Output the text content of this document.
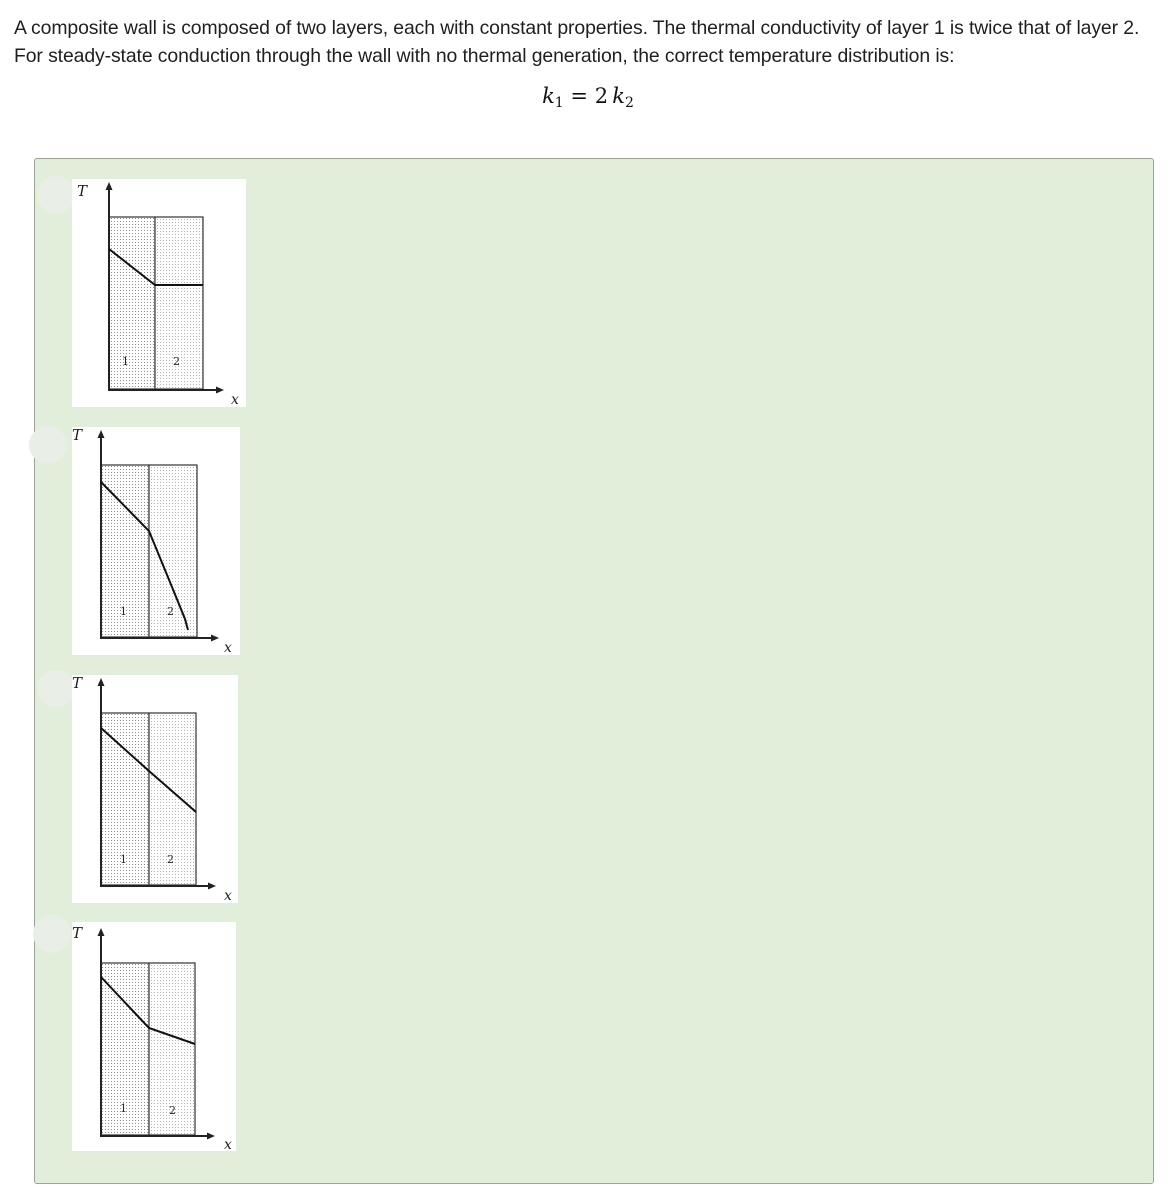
A composite wall is composed of two layers, each with constant properties. The thermal conductivity of layer 1 is twice that of layer 2. For steady-state conduction through the wall with no thermal generation, the correct temperature distribution is:
$k_1 = 2$  $k_2$
T
x
1	2
T
x
1	2
T
x
1	2
T
x
1	2
